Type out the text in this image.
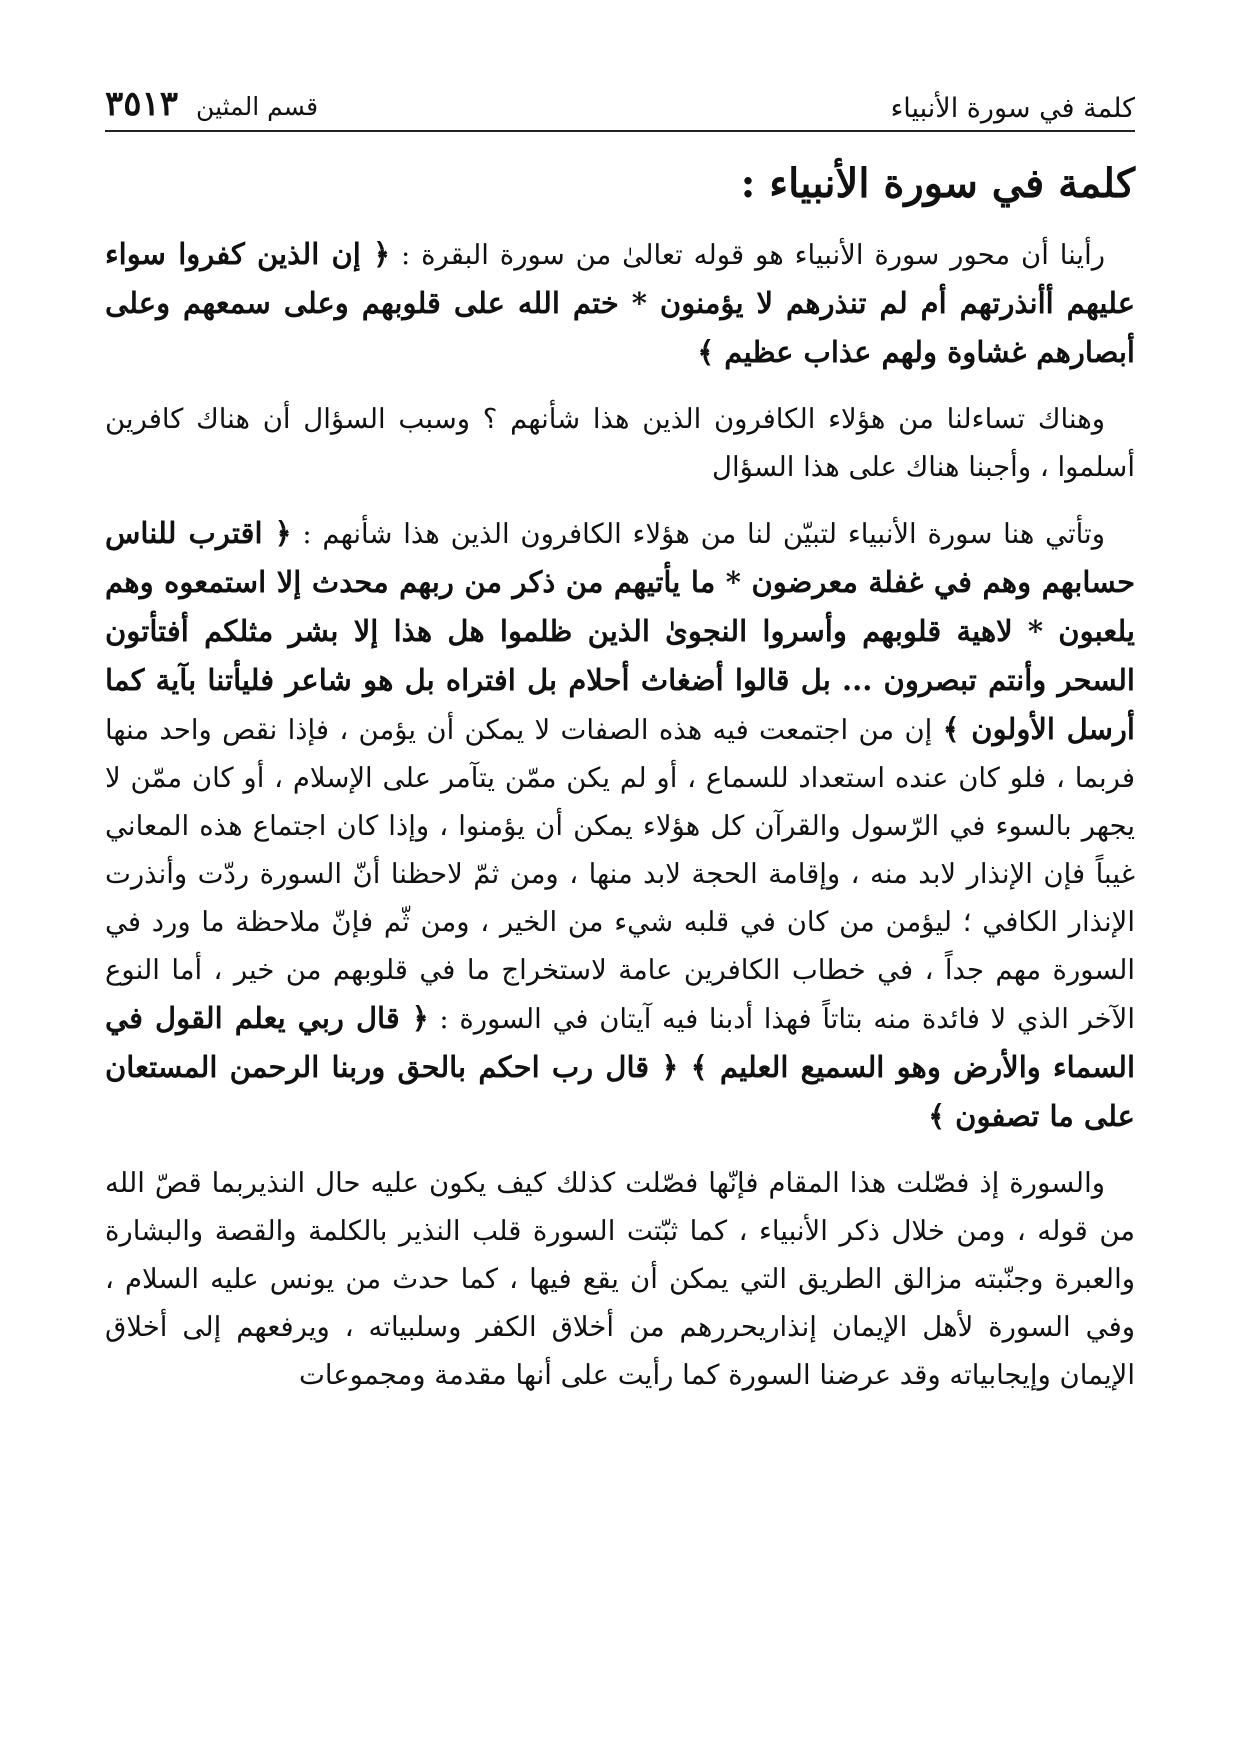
كلمة في سورة الأنبياء
٣٥١٣ قسم المثين
كلمة في سورة الأنبياء :

رأينا أن محور سورة الأنبياء هو قوله تعالىٰ من سورة البقرة : ﴿ إن الذين كفروا سواء عليهم أأنذرتهم أم لم تنذرهم لا يؤمنون * ختم الله على قلوبهم وعلى سمعهم وعلى أبصارهم غشاوة ولهم عذاب عظيم ﴾

وهناك تساءلنا من هؤلاء الكافرون الذين هذا شأنهم ؟ وسبب السؤال أن هناك كافرين أسلموا ، وأجبنا هناك على هذا السؤال

وتأتي هنا سورة الأنبياء لتبيّن لنا من هؤلاء الكافرون الذين هذا شأنهم : ﴿ اقترب للناس حسابهم وهم في غفلة معرضون * ما يأتيهم من ذكر من ربهم محدث إلا استمعوه وهم يلعبون * لاهية قلوبهم وأسروا النجوىٰ الذين ظلموا هل هذا إلا بشر مثلكم أفتأتون السحر وأنتم تبصرون ... بل قالوا أضغاث أحلام بل افتراه بل هو شاعر فليأتنا بآية كما أرسل الأولون ﴾ إن من اجتمعت فيه هذه الصفات لا يمكن أن يؤمن ، فإذا نقص واحد منها فربما ، فلو كان عنده استعداد للسماع ، أو لم يكن ممّن يتآمر على الإسلام ، أو كان ممّن لا يجهر بالسوء في الرّسول والقرآن كل هؤلاء يمكن أن يؤمنوا ، وإذا كان اجتماع هذه المعاني غيباً فإن الإنذار لابد منه ، وإقامة الحجة لابد منها ، ومن ثمّ لاحظنا أنّ السورة ردّت وأنذرت الإنذار الكافي ؛ ليؤمن من كان في قلبه شيء من الخير ، ومن ثّم فإنّ ملاحظة ما ورد في السورة مهم جداً ، في خطاب الكافرين عامة لاستخراج ما في قلوبهم من خير ، أما النوع الآخر الذي لا فائدة منه بتاتاً فهذا أدبنا فيه آيتان في السورة : ﴿ قال ربي يعلم القول في السماء والأرض وهو السميع العليم ﴾ ﴿ قال رب احكم بالحق وربنا الرحمن المستعان على ما تصفون ﴾

والسورة إذ فصّلت هذا المقام فإنّها فصّلت كذلك كيف يكون عليه حال النذيربما قصّ الله من قوله ، ومن خلال ذكر الأنبياء ، كما ثبّتت السورة قلب النذير بالكلمة والقصة والبشارة والعبرة وجنّبته مزالق الطريق التي يمكن أن يقع فيها ، كما حدث من يونس عليه السلام ، وفي السورة لأهل الإيمان إنذاريحررهم من أخلاق الكفر وسلبياته ، ويرفعهم إلى أخلاق الإيمان وإيجابياته وقد عرضنا السورة كما رأيت على أنها مقدمة ومجموعات
